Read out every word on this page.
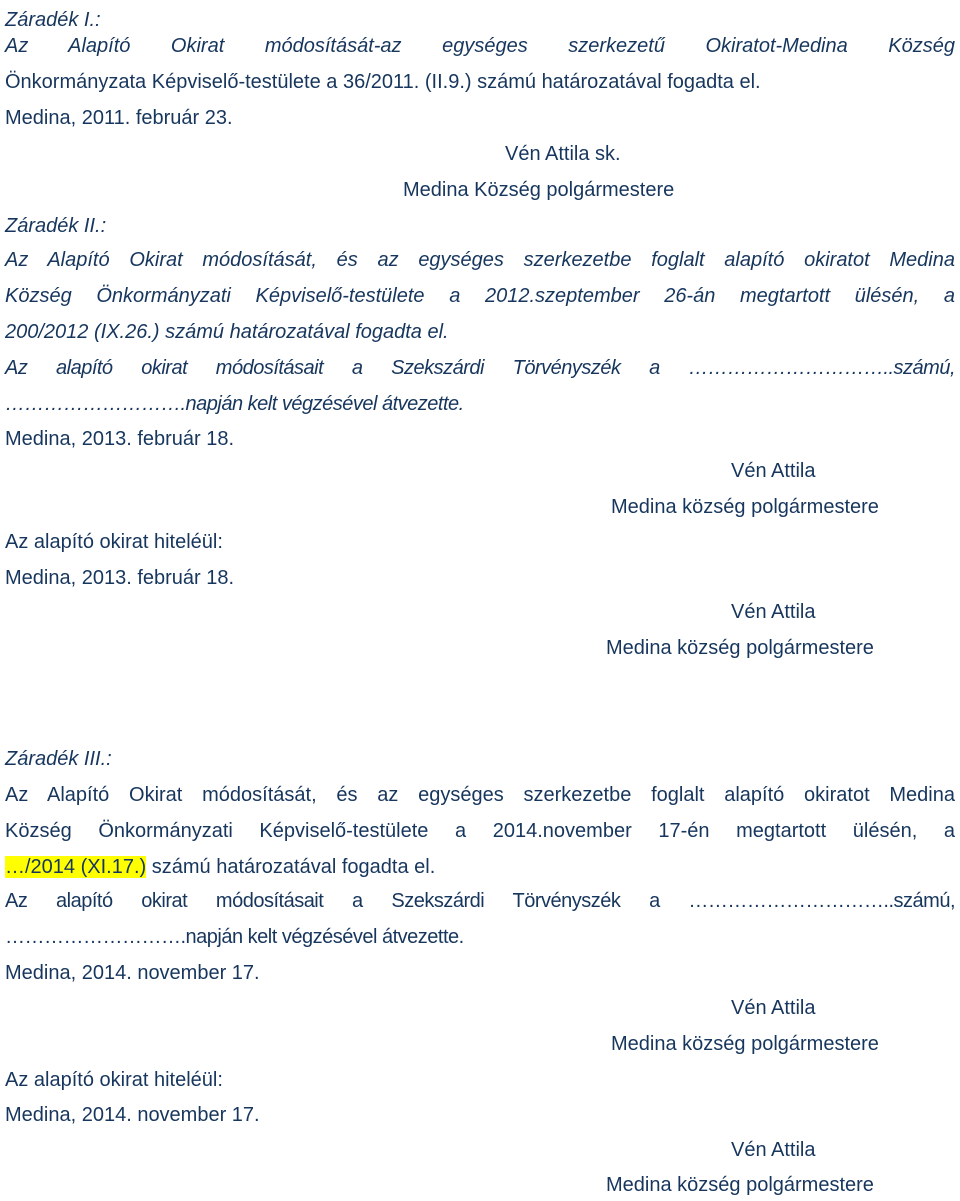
Záradék I.:
Az Alapító Okirat módosítását-az egységes szerkezetű Okiratot-Medina Község
Önkormányzata Képviselő-testülete a 36/2011. (II.9.) számú határozatával fogadta el.
Medina, 2011. február 23.
Vén Attila sk.
Medina Község polgármestere
Záradék II.:
Az Alapító Okirat módosítását, és az egységes szerkezetbe foglalt alapító okiratot Medina
Község Önkormányzati Képviselő-testülete a 2012.szeptember 26-án megtartott ülésén, a
200/2012 (IX.26.) számú határozatával fogadta el.
Az alapító okirat módosításait a Szekszárdi Törvényszék a …………………………..számú,
……………………….napján kelt végzésével átvezette.
Medina, 2013. február 18.
Vén Attila
Medina község polgármestere
Az alapító okirat hiteléül:
Medina, 2013. február 18.
Vén Attila
Medina község polgármestere
Záradék III.:
Az Alapító Okirat módosítását, és az egységes szerkezetbe foglalt alapító okiratot Medina
Község Önkormányzati Képviselő-testülete a 2014.november 17-én megtartott ülésén, a
…/2014 (XI.17.) számú határozatával fogadta el.
Az alapító okirat módosításait a Szekszárdi Törvényszék a …………………………..számú,
……………………….napján kelt végzésével átvezette.
Medina, 2014. november 17.
Vén Attila
Medina község polgármestere
Az alapító okirat hiteléül:
Medina, 2014. november 17.
Vén Attila
Medina község polgármestere
